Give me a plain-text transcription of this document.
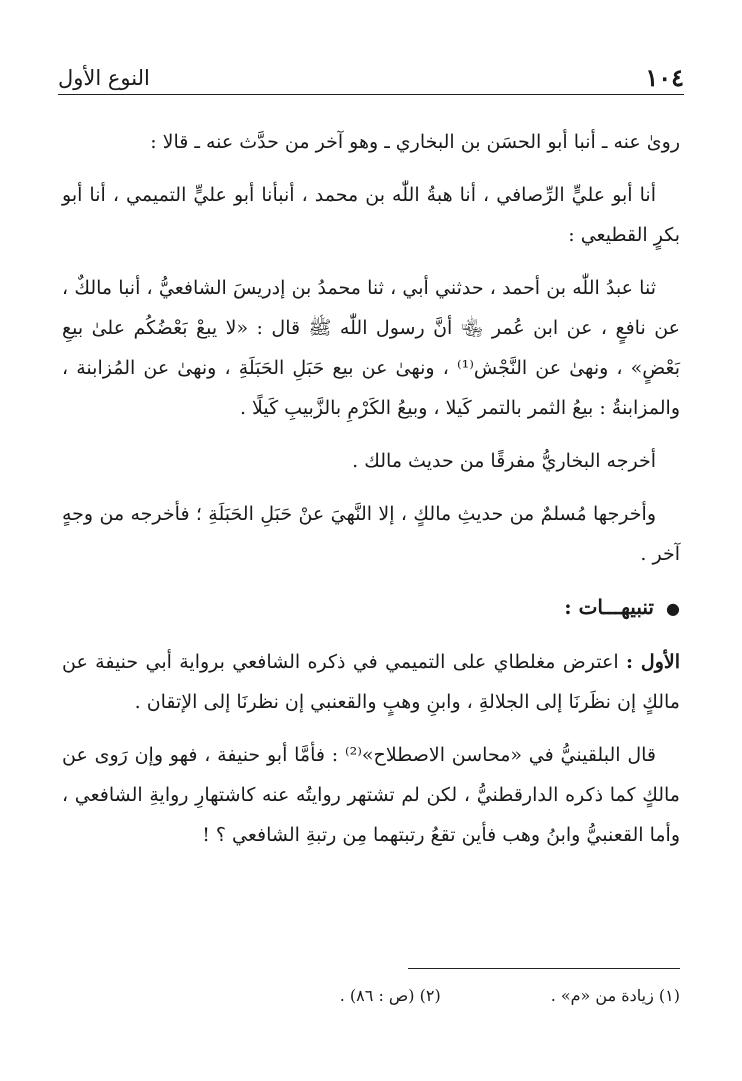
١٠٤
النوع الأول

روىٰ عنه ـ أنبا أبو الحسَن بن البخاري ـ وهو آخر من حدَّث عنه ـ قالا :

أنا أبو عليٍّ الرِّصافي ، أنا هبةُ اللّٰه بن محمد ، أنبأنا أبو عليٍّ التميمي ، أنا أبو بكرٍ القطيعي :

ثنا عبدُ اللّٰه بن أحمد ، حدثني أبي ، ثنا محمدُ بن إدريسَ الشافعيُّ ، أنبا مالكٌ ، عن نافعٍ ، عن ابن عُمر ﵄ أنَّ رسول اللّٰه ﷺ قال : «لا يبعْ بَعْضُكُم علىٰ بيعِ بَعْضٍ» ، ونهىٰ عن النَّجْش⁽¹⁾ ، ونهىٰ عن بيع حَبَلِ الحَبَلَةِ ، ونهىٰ عن المُزابنة ، والمزابنةُ : بيعُ الثمر بالتمر كَيلا ، وبيعُ الكَرْمِ بالزَّبيبِ كَيلًا .

أخرجه البخاريُّ مفرقًا من حديث مالك .

وأخرجها مُسلمٌ من حديثِ مالكٍ ، إلا النَّهيَ عنْ حَبَلِ الحَبَلَةِ ؛ فأخرجه من وجهٍ آخر .

● تنبيهـــات :

الأول : اعترض مغلطاي على التميمي في ذكره الشافعي برواية أبي حنيفة عن مالكٍ إن نظَرنَا إلى الجلالةِ ، وابنِ وهبٍ والقعنبي إن نظرنَا إلى الإتقان .

قال البلقينيُّ في «محاسن الاصطلاح»⁽²⁾ : فأمَّا أبو حنيفة ، فهو وإن رَوى عن مالكٍ كما ذكره الدارقطنيُّ ، لكن لم تشتهر روايتُه عنه كاشتهارِ روايةِ الشافعي ، وأما القعنبيُّ وابنُ وهب فأين تقعُ رتبتهما مِن رتبةِ الشافعي ؟ !

(١) زيادة من «م» .
(٢) (ص : ٨٦) .
